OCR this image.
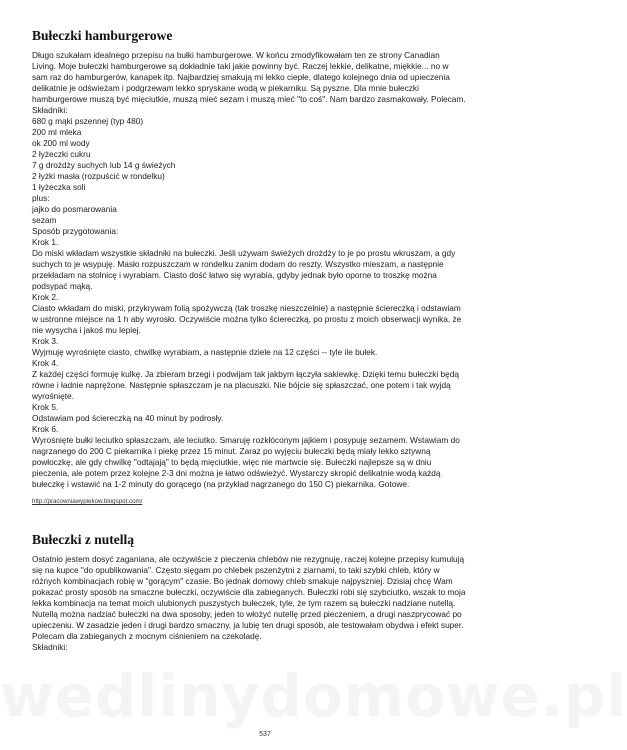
wedlinydomowe.pl
Bułeczki hamburgerowe

Długo szukałam idealnego przepisu na bułki hamburgerowe. W końcu zmodyfikowałam ten ze strony Canadian

Living. Moje bułeczki hamburgerowe są dokładnie taki jakie powinny być. Raczej lekkie, delikatne, miękkie... no w

sam raz do hamburgerów, kanapek itp. Najbardziej smakują mi lekko ciepłe, dlatego kolejnego dnia od upieczenia

delikatnie je odświeżam i podgrzewam lekko spryskane wodą w piekarniku. Są pyszne. Dla mnie bułeczki

hamburgerowe muszą być mięciutkie, muszą mieć sezam i muszą mieć "to coś". Nam bardzo zasmakowały. Polecam.

Składniki:

680 g mąki pszennej (typ 480)

200 ml mleka

ok 200 ml wody

2 łyżeczki cukru

7 g drożdży suchych lub 14 g świeżych

2 łyżki masła (rozpuścić w rondelku)

1 łyżeczka soli

plus:

jajko do posmarowania

sezam

Sposób przygotowania:

Krok 1.

Do miski wkładam wszystkie składniki na bułeczki. Jeśli używam świeżych drożdży to je po prostu wkruszam, a gdy

suchych to je wsypuję. Masło rozpuszczam w rondelku zanim dodam do reszty. Wszystko mieszam, a następnie

przekładam na stolnicę i wyrabiam. Ciasto dość łatwo się wyrabia, gdyby jednak było oporne to troszkę można

podsypać mąką.

Krok 2.

Ciasto wkładam do miski, przykrywam folią spożywczą (tak troszkę nieszczelnie) a następnie ściereczką i odstawiam

w ustronne miejsce na 1 h aby wyrosło. Oczywiście można tylko ściereczką, po prostu z moich obserwacji wynika, że

nie wysycha i jakoś mu lepiej.

Krok 3.

Wyjmuję wyrośnięte ciasto, chwilkę wyrabiam, a następnie dziele na 12 części -- tyle ile bułek.

Krok 4.

Z każdej części formuję kulkę. Ja zbieram brzegi i podwijam tak jakbym łączyła sakiewkę. Dzięki temu bułeczki będą

równe i ładnie naprężone. Następnie spłaszczam je na placuszki. Nie bójcie się spłaszczać, one potem i tak wyjdą

wyrośnięte.

Krok 5.

Odstawiam pod ściereczką na 40 minut by podrosły.

Krok 6.

Wyrośnięte bułki leciutko spłaszczam, ale leciutko. Smaruję rozkłóconym jajkiem i posypuję sezamem. Wstawiam do

nagrzanego do 200 C piekarnika i piekę przez 15 minut. Zaraz po wyjęciu bułeczki będą miały lekko sztywną

powłoczkę, ale gdy chwilkę "odtajają" to będą mięciutkie, więc nie martwcie się. Bułeczki najlepsze są w dniu

pieczenia, ale potem przez kolejne 2-3 dni można je łatwo odświeżyć. Wystarczy skropić delikatnie wodą każdą

bułeczkę i wstawić na 1-2 minuty do gorącego (na przykład nagrzanego do 150 C) piekarnika. Gotowe.

http://pracowniawypiekow.blogspot.com/
Bułeczki z nutellą

Ostatnio jestem dosyć zaganiana, ale oczywiście z pieczenia chlebów nie rezygnuję, raczej kolejne przepisy kumulują

się na kupce "do opublikowania". Często sięgam po chlebek pszenżytni z ziarnami, to taki szybki chleb, który w

różnych kombinacjach robię w "gorącym" czasie. Bo jednak domowy chleb smakuje najpyszniej. Dzisiaj chcę Wam

pokazać prosty sposób na smaczne bułeczki, oczywiście dla zabieganych. Bułeczki robi się szybciutko, wszak to moja

lekka kombinacja na temat moich ulubionych puszystych bułeczek, tyle, że tym razem są bułeczki nadziane nutellą.

Nutellą można nadziać bułeczki na dwa sposoby, jeden to włożyć nutellę przed pieczeniem, a drugi naszprycować po

upieczeniu. W zasadzie jeden i drugi bardzo smaczny, ja lubię ten drugi sposób, ale testowałam obydwa i efekt super.

Polecam dla zabieganych z mocnym ciśnieniem na czekoladę.

Składniki:

537
